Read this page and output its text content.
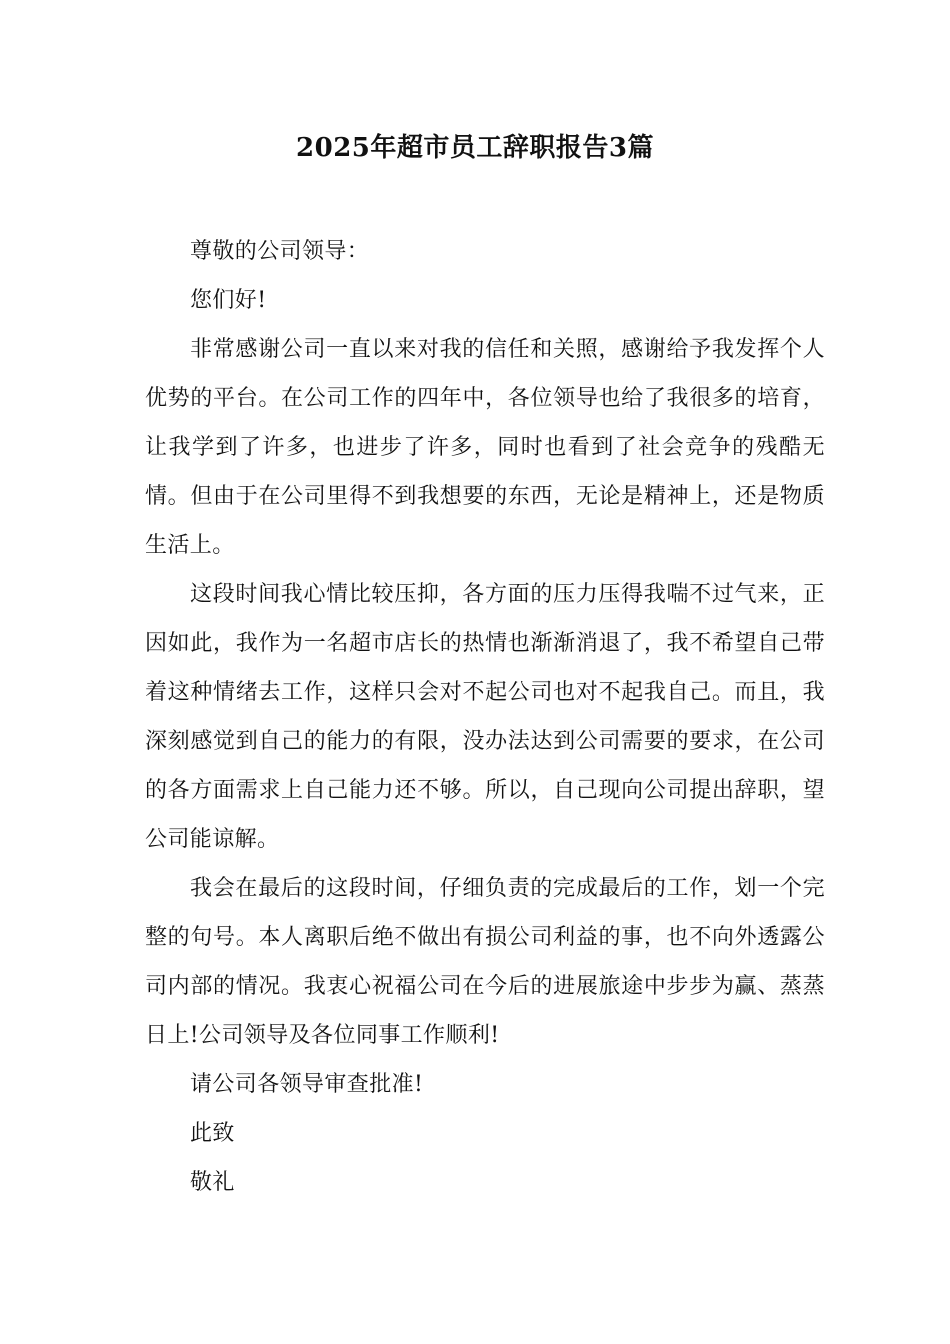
2025年超市员工辞职报告3篇

尊敬的公司领导：

您们好!

非常感谢公司一直以来对我的信任和关照，感谢给予我发挥个人优势的平台。在公司工作的四年中，各位领导也给了我很多的培育，让我学到了许多，也进步了许多，同时也看到了社会竞争的残酷无情。但由于在公司里得不到我想要的东西，无论是精神上，还是物质生活上。

这段时间我心情比较压抑，各方面的压力压得我喘不过气来，正因如此，我作为一名超市店长的热情也渐渐消退了，我不希望自己带着这种情绪去工作，这样只会对不起公司也对不起我自己。而且，我深刻感觉到自己的能力的有限，没办法达到公司需要的要求，在公司的各方面需求上自己能力还不够。所以，自己现向公司提出辞职，望公司能谅解。

我会在最后的这段时间，仔细负责的完成最后的工作，划一个完整的句号。本人离职后绝不做出有损公司利益的事，也不向外透露公司内部的情况。我衷心祝福公司在今后的进展旅途中步步为赢、蒸蒸日上!公司领导及各位同事工作顺利!

请公司各领导审查批准!

此致

敬礼
